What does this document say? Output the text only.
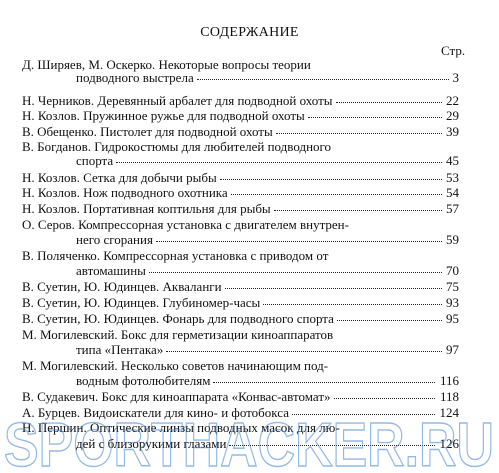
СОДЕРЖАНИЕ
Стр.
Д. Ширяев, М. Оскерко. Некоторые вопросы теории
подводного выстрела	3
Н. Черников. Деревянный арбалет для подводной охоты	22
Н. Козлов. Пружинное ружье для подводной охоты	29
В. Обещенко. Пистолет для подводной охоты	39
В. Богданов. Гидрокостюмы для любителей подводного
спорта	45
Н. Козлов. Сетка для добычи рыбы	53
Н. Козлов. Нож подводного охотника	54
Н. Козлов. Портативная коптильня для рыбы	57
О. Серов. Компрессорная установка с двигателем внутрен-
него сгорания	59
В. Поляченко. Компрессорная установка с приводом от
автомашины	70
В. Суетин, Ю. Юдинцев. Акваланги	75
В. Суетин, Ю. Юдинцев. Глубиномер-часы	93
В. Суетин, Ю. Юдинцев. Фонарь для подводного спорта	95
М. Могилевский. Бокс для герметизации киноаппаратов
типа «Пентака»	97
М. Могилевский. Несколько советов начинающим под-
водным фотолюбителям	116
В. Судакевич. Бокс для киноаппарата «Конвас-автомат»	118
А. Бурцев. Видоискатели для кино- и фотобокса	124
Н. Першин. Оптические линзы подводных масок для лю-
дей с близорукими глазами	126
SPORTHACKER.RU
